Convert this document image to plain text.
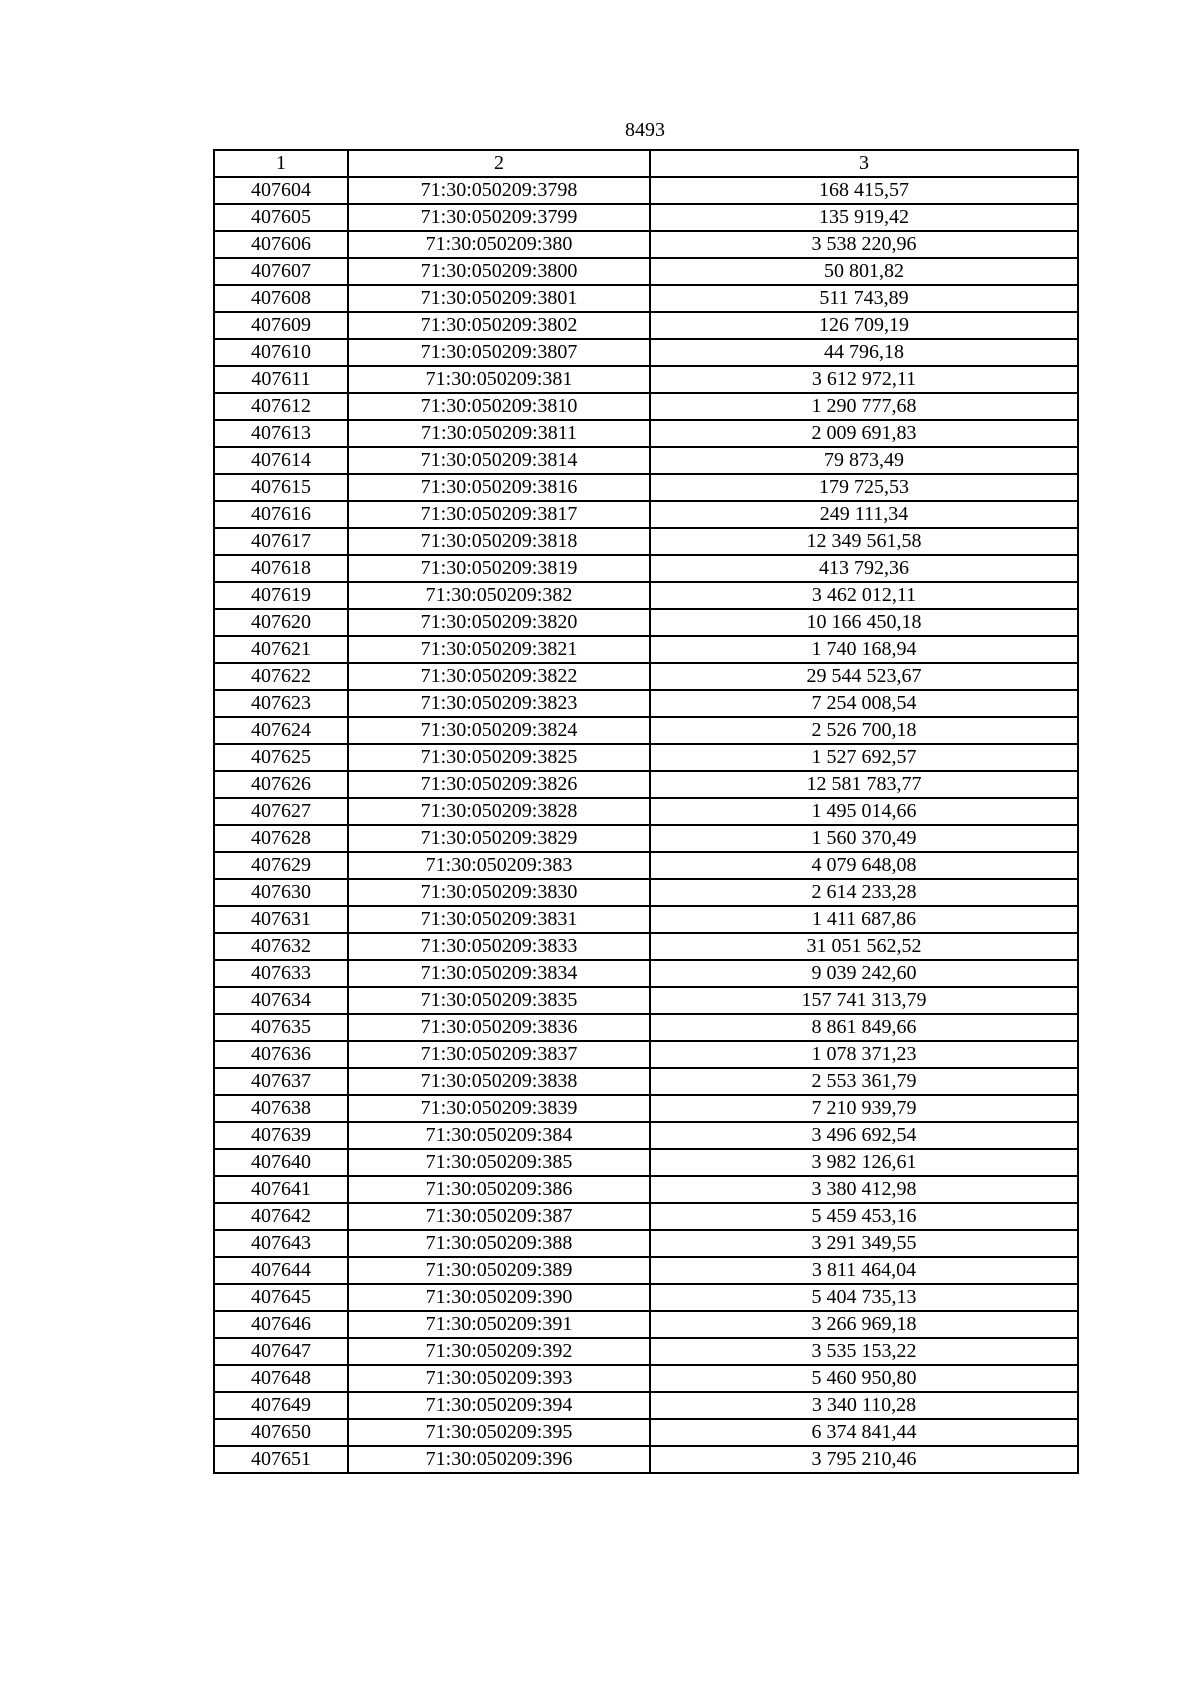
8493
1	2	3
407604	71:30:050209:3798	168 415,57
407605	71:30:050209:3799	135 919,42
407606	71:30:050209:380	3 538 220,96
407607	71:30:050209:3800	50 801,82
407608	71:30:050209:3801	511 743,89
407609	71:30:050209:3802	126 709,19
407610	71:30:050209:3807	44 796,18
407611	71:30:050209:381	3 612 972,11
407612	71:30:050209:3810	1 290 777,68
407613	71:30:050209:3811	2 009 691,83
407614	71:30:050209:3814	79 873,49
407615	71:30:050209:3816	179 725,53
407616	71:30:050209:3817	249 111,34
407617	71:30:050209:3818	12 349 561,58
407618	71:30:050209:3819	413 792,36
407619	71:30:050209:382	3 462 012,11
407620	71:30:050209:3820	10 166 450,18
407621	71:30:050209:3821	1 740 168,94
407622	71:30:050209:3822	29 544 523,67
407623	71:30:050209:3823	7 254 008,54
407624	71:30:050209:3824	2 526 700,18
407625	71:30:050209:3825	1 527 692,57
407626	71:30:050209:3826	12 581 783,77
407627	71:30:050209:3828	1 495 014,66
407628	71:30:050209:3829	1 560 370,49
407629	71:30:050209:383	4 079 648,08
407630	71:30:050209:3830	2 614 233,28
407631	71:30:050209:3831	1 411 687,86
407632	71:30:050209:3833	31 051 562,52
407633	71:30:050209:3834	9 039 242,60
407634	71:30:050209:3835	157 741 313,79
407635	71:30:050209:3836	8 861 849,66
407636	71:30:050209:3837	1 078 371,23
407637	71:30:050209:3838	2 553 361,79
407638	71:30:050209:3839	7 210 939,79
407639	71:30:050209:384	3 496 692,54
407640	71:30:050209:385	3 982 126,61
407641	71:30:050209:386	3 380 412,98
407642	71:30:050209:387	5 459 453,16
407643	71:30:050209:388	3 291 349,55
407644	71:30:050209:389	3 811 464,04
407645	71:30:050209:390	5 404 735,13
407646	71:30:050209:391	3 266 969,18
407647	71:30:050209:392	3 535 153,22
407648	71:30:050209:393	5 460 950,80
407649	71:30:050209:394	3 340 110,28
407650	71:30:050209:395	6 374 841,44
407651	71:30:050209:396	3 795 210,46
